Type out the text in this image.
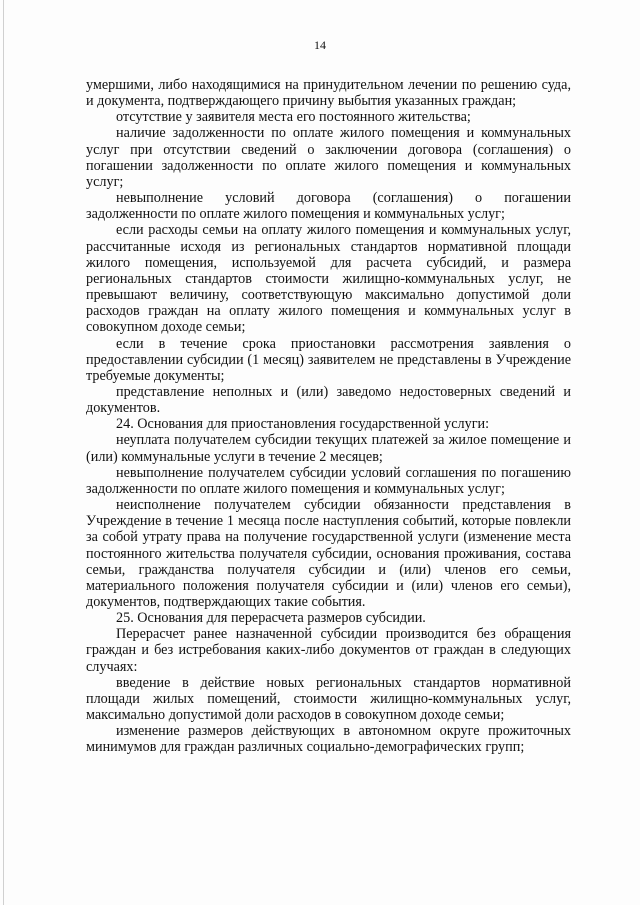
14

умершими, либо находящимися на принудительном лечении по решению суда, и документа, подтверждающего причину выбытия указанных граждан;

отсутствие у заявителя места его постоянного жительства;

наличие задолженности по оплате жилого помещения и коммунальных услуг при отсутствии сведений о заключении договора (соглашения) о погашении задолженности по оплате жилого помещения и коммунальных услуг;

невыполнение условий договора (соглашения) о погашении задолженности по оплате жилого помещения и коммунальных услуг;

если расходы семьи на оплату жилого помещения и коммунальных услуг, рассчитанные исходя из региональных стандартов нормативной площади жилого помещения, используемой для расчета субсидий, и размера региональных стандартов стоимости жилищно-коммунальных услуг, не превышают величину, соответствующую максимально допустимой доли расходов граждан на оплату жилого помещения и коммунальных услуг в совокупном доходе семьи;

если в течение срока приостановки рассмотрения заявления о предоставлении субсидии (1 месяц) заявителем не представлены в Учреждение требуемые документы;

представление неполных и (или) заведомо недостоверных сведений и документов.

24. Основания для приостановления государственной услуги:

неуплата получателем субсидии текущих платежей за жилое помещение и (или) коммунальные услуги в течение 2 месяцев;

невыполнение получателем субсидии условий соглашения по погашению задолженности по оплате жилого помещения и коммунальных услуг;

неисполнение получателем субсидии обязанности представления в Учреждение в течение 1 месяца после наступления событий, которые повлекли за собой утрату права на получение государственной услуги (изменение места постоянного жительства получателя субсидии, основания проживания, состава семьи, гражданства получателя субсидии и (или) членов его семьи, материального положения получателя субсидии и (или) членов его семьи), документов, подтверждающих такие события.

25. Основания для перерасчета размеров субсидии.

Перерасчет ранее назначенной субсидии производится без обращения граждан и без истребования каких-либо документов от граждан в следующих случаях:

введение в действие новых региональных стандартов нормативной площади жилых помещений, стоимости жилищно-коммунальных услуг, максимально допустимой доли расходов в совокупном доходе семьи;

изменение размеров действующих в автономном округе прожиточных минимумов для граждан различных социально-демографических групп;
